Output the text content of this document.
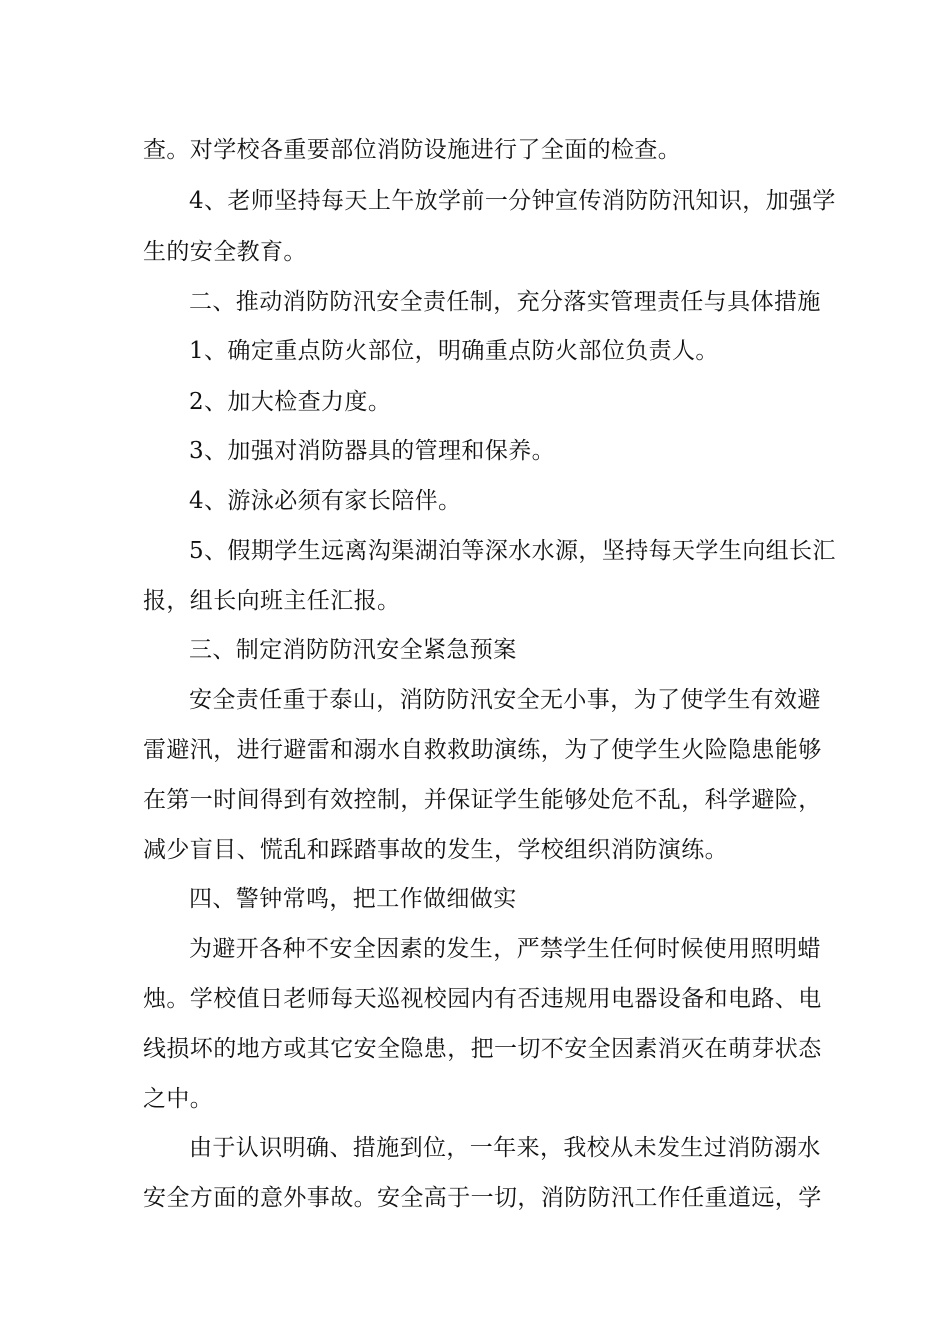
查。对学校各重要部位消防设施进行了全面的检查。
4、老师坚持每天上午放学前一分钟宣传消防防汛知识，加强学
生的安全教育。
二、推动消防防汛安全责任制，充分落实管理责任与具体措施
1、确定重点防火部位，明确重点防火部位负责人。
2、加大检查力度。
3、加强对消防器具的管理和保养。
4、游泳必须有家长陪伴。
5、假期学生远离沟渠湖泊等深水水源，坚持每天学生向组长汇
报，组长向班主任汇报。
三、制定消防防汛安全紧急预案
安全责任重于泰山，消防防汛安全无小事，为了使学生有效避
雷避汛，进行避雷和溺水自救救助演练，为了使学生火险隐患能够
在第一时间得到有效控制，并保证学生能够处危不乱，科学避险，
减少盲目、慌乱和踩踏事故的发生，学校组织消防演练。
四、警钟常鸣，把工作做细做实
为避开各种不安全因素的发生，严禁学生任何时候使用照明蜡
烛。学校值日老师每天巡视校园内有否违规用电器设备和电路、电
线损坏的地方或其它安全隐患，把一切不安全因素消灭在萌芽状态
之中。
由于认识明确、措施到位，一年来，我校从未发生过消防溺水
安全方面的意外事故。安全高于一切，消防防汛工作任重道远，学
